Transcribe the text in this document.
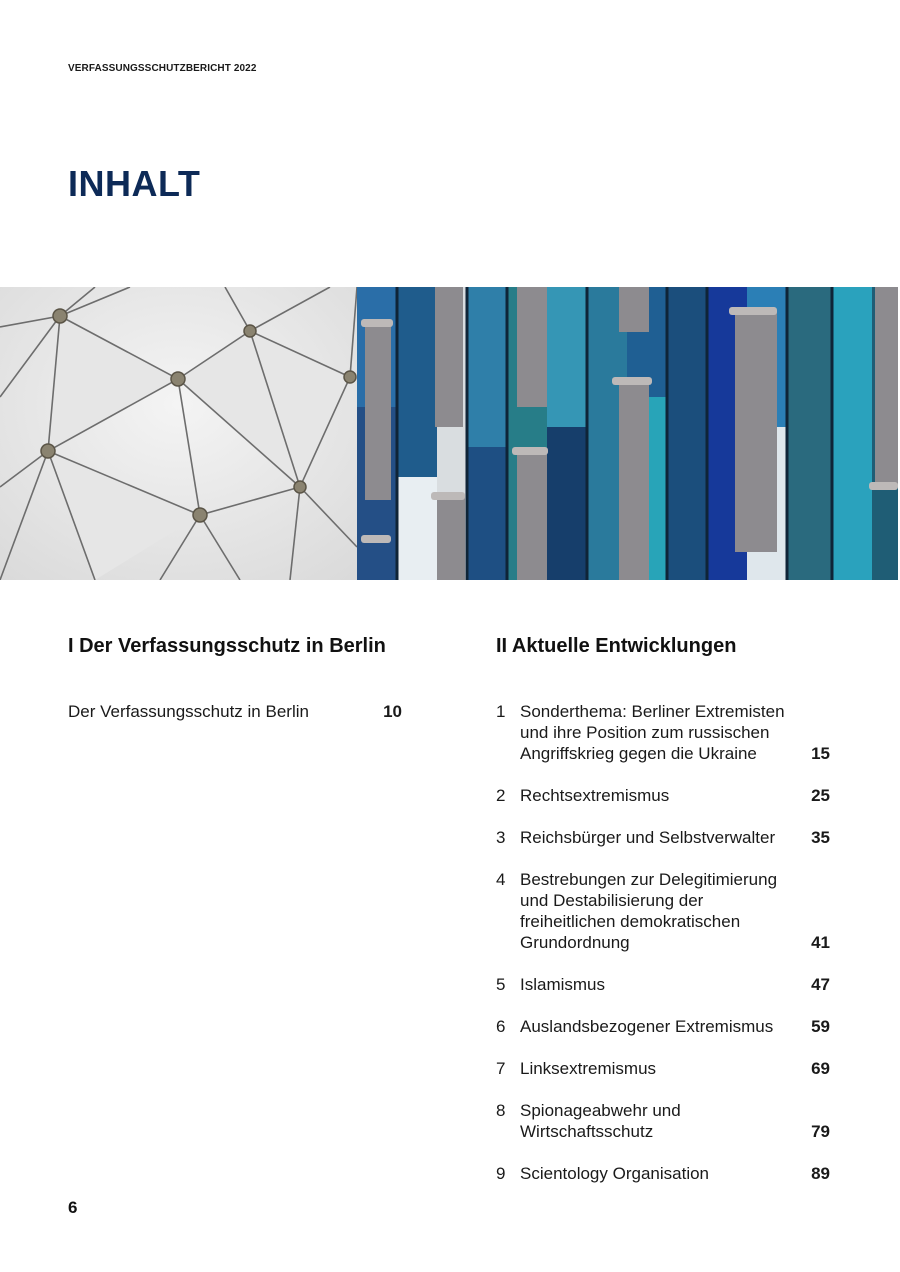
VERFASSUNGSSCHUTZBERICHT 2022
INHALT
I Der Verfassungsschutz in Berlin	II Aktuelle Entwicklungen
Der Verfassungsschutz in Berlin	10	1 Sonderthema: Berliner Extremisten
und ihre Position zum russischen
Angriffskrieg gegen die Ukraine	15
2 Rechtsextremismus	25
3 Reichsbürger und Selbstverwalter	35
4 Bestrebungen zur Delegitimierung
und Destabilisierung der
freiheitlichen demokratischen
Grundordnung	41
5 Islamismus	47
6 Auslandsbezogener Extremismus	59
7 Linksextremismus	69
8 Spionageabwehr und
Wirtschaftsschutz	79
9 Scientology Organisation	89
6
